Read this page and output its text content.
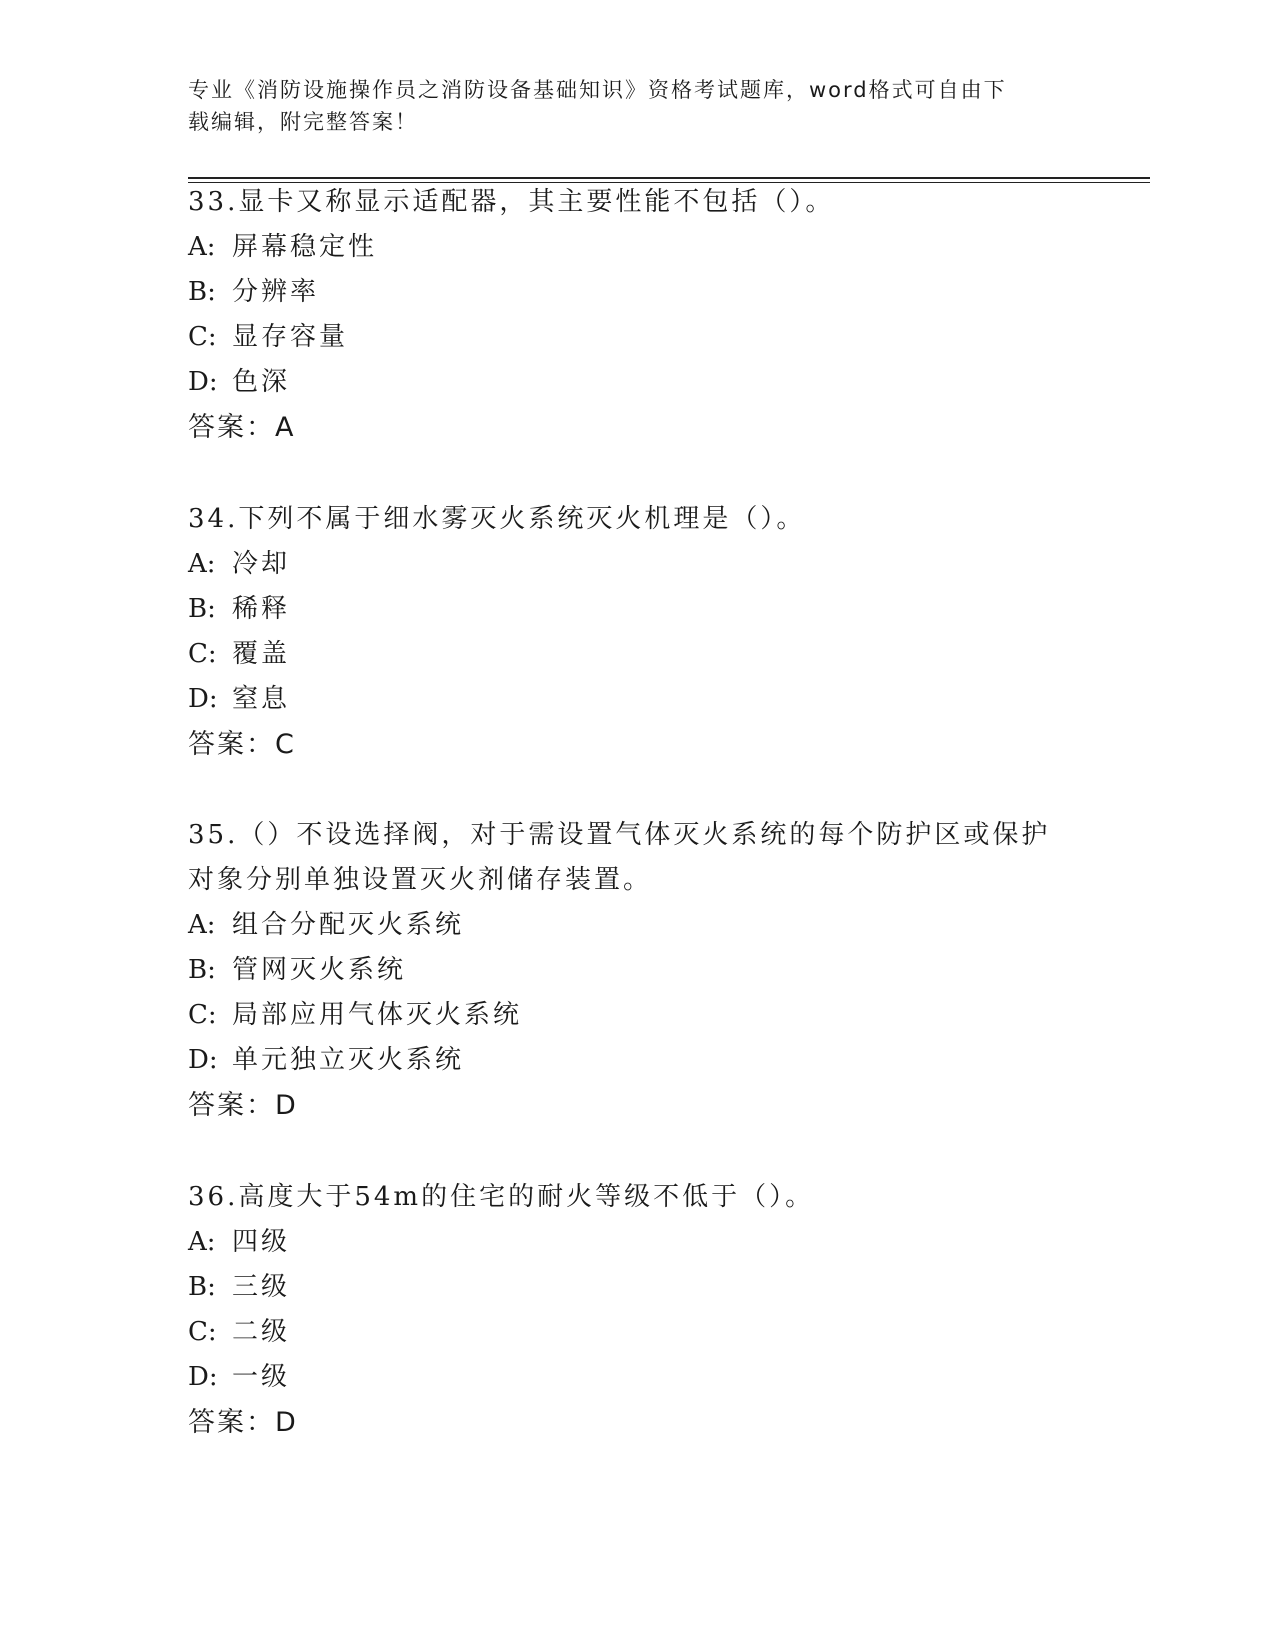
专业《消防设施操作员之消防设备基础知识》资格考试题库，word格式可自由下
载编辑，附完整答案！

33.显卡又称显示适配器，其主要性能不包括（）。

A: 屏幕稳定性

B: 分辨率

C: 显存容量

D: 色深

答案：A

34.下列不属于细水雾灭火系统灭火机理是（）。

A: 冷却

B: 稀释

C: 覆盖

D: 窒息

答案：C

35.（）不设选择阀，对于需设置气体灭火系统的每个防护区或保护对象分别单独设置灭火剂储存装置。

A: 组合分配灭火系统

B: 管网灭火系统

C: 局部应用气体灭火系统

D: 单元独立灭火系统

答案：D

36.高度大于54m的住宅的耐火等级不低于（）。

A: 四级

B: 三级

C: 二级

D: 一级

答案：D
